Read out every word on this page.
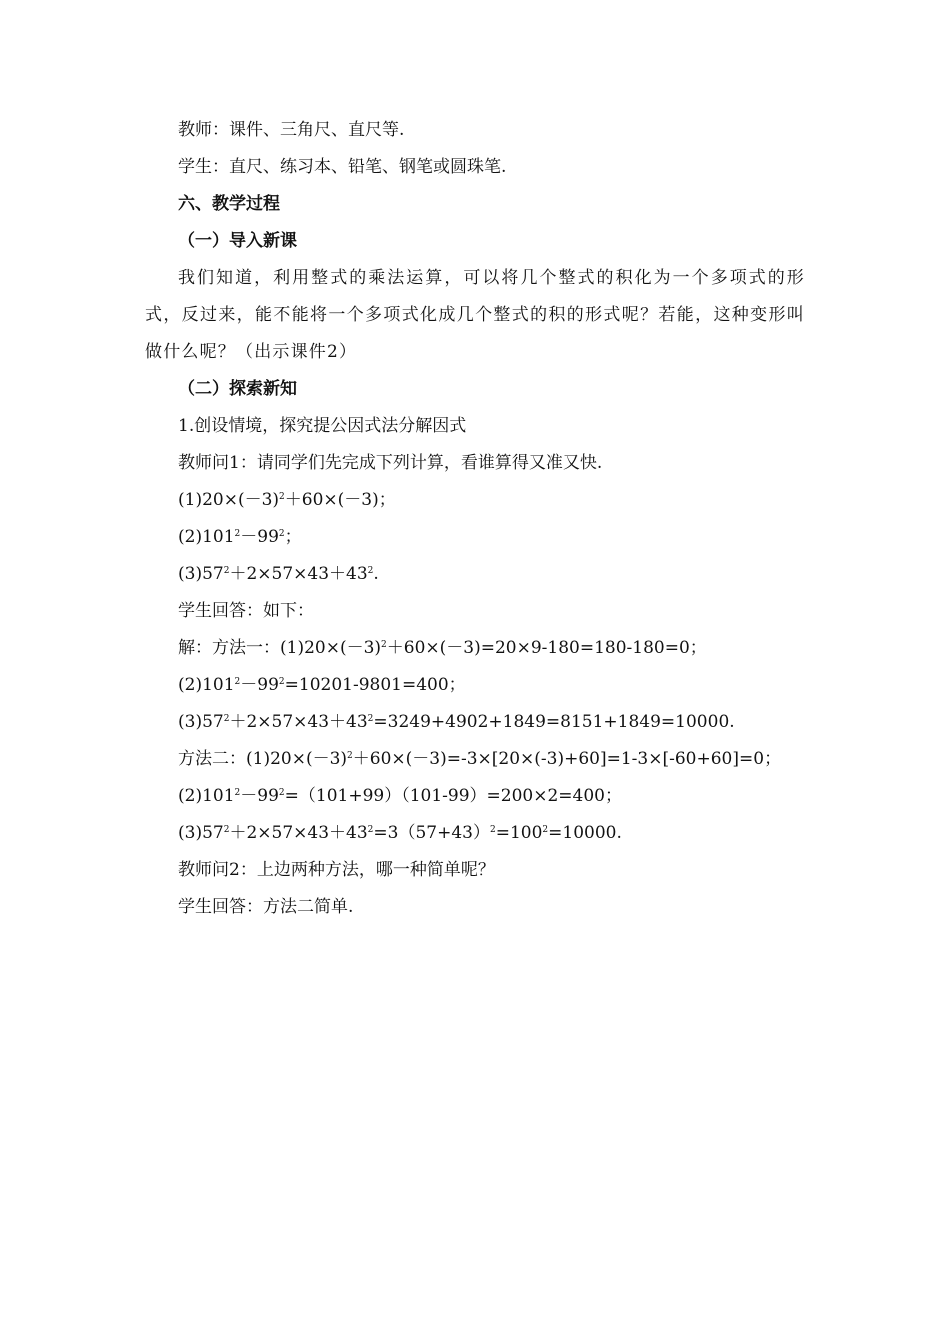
教师：课件、三角尺、直尺等.
学生：直尺、练习本、铅笔、钢笔或圆珠笔.
六、教学过程
（一）导入新课
我们知道，利用整式的乘法运算，可以将几个整式的积化为一个多项式的形式，反过来，能不能将一个多项式化成几个整式的积的形式呢？若能，这种变形叫做什么呢？（出示课件2）
（二）探索新知
1.创设情境，探究提公因式法分解因式
教师问1：请同学们先完成下列计算，看谁算得又准又快.
$(1)20\times(-3)^2+60\times(-3)$；
$(2)101^2-99^2$；
$(3)57^2+2\times 57\times 43+43^2$.
学生回答：如下：
解：方法一：$(1)20\times(-3)^2+60\times(-3)=20\times 9-180=180-180=0$；
$(2)101^2-99^2=10201-9801=400$；
$(3)57^2+2\times 57\times 43+43^2=3249+4902+1849=8151+1849=10000$.
方法二：$(1)20\times(-3)^2+60\times(-3)=-3\times[20\times(-3)+60]=1-3\times[-60+60]=0$；
$(2)101^2-99^2=(101+99)(101-99)=200\times 2=400$；
$(3)57^2+2\times 57\times 43+43^2=3(57+43)^2=100^2=10000$.
教师问2：上边两种方法，哪一种简单呢？
学生回答：方法二简单.
